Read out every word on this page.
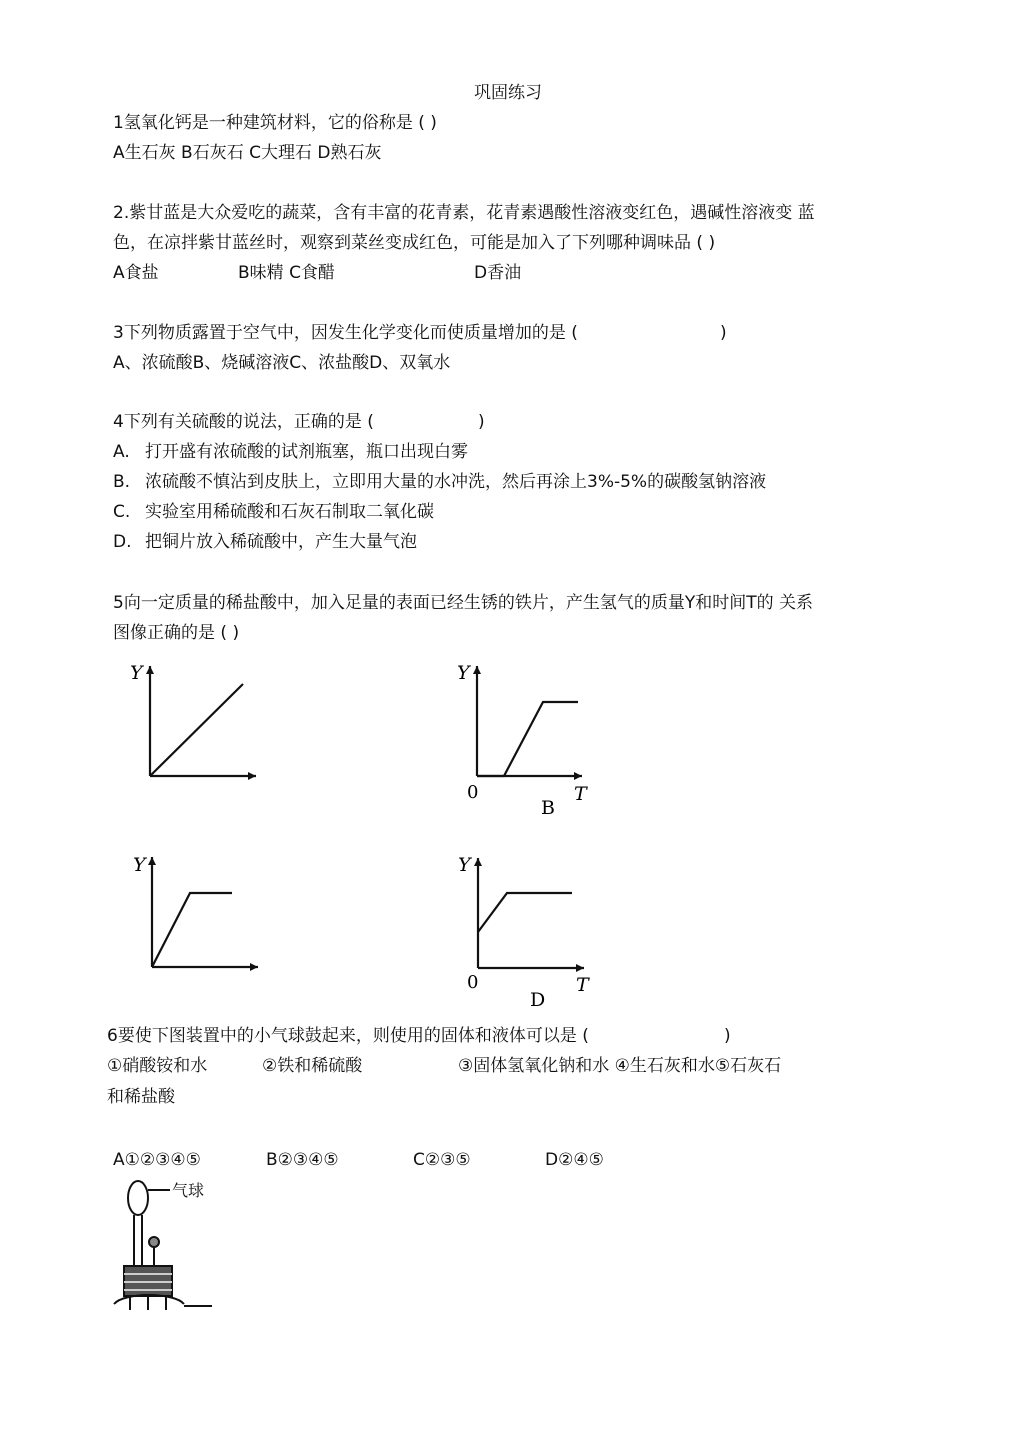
巩固练习
1氢氧化钙是一种建筑材料，它的俗称是 ( )
A生石灰 B石灰石 C大理石 D熟石灰
2.紫甘蓝是大众爱吃的蔬菜，含有丰富的花青素，花青素遇酸性溶液变红色，遇碱性溶液变 蓝
色，在凉拌紫甘蓝丝时，观察到菜丝变成红色，可能是加入了下列哪种调味品 ( )
A食盐	B味精 C食醋	D香油
3下列物质露置于空气中，因发生化学变化而使质量增加的是 (	)
A、浓硫酸B、烧碱溶液C、浓盐酸D、双氧水
4下列有关硫酸的说法，正确的是 (	)
A. 打开盛有浓硫酸的试剂瓶塞，瓶口出现白雾
B. 浓硫酸不慎沾到皮肤上，立即用大量的水冲洗，然后再涂上3%-5%的碳酸氢钠溶液
C. 实验室用稀硫酸和石灰石制取二氧化碳
D. 把铜片放入稀硫酸中，产生大量气泡
5向一定质量的稀盐酸中，加入足量的表面已经生锈的铁片，产生氢气的质量Y和时间T的 关系
图像正确的是 ( )
Y	Y
0	T
B
Y	Y
0	T
D
6要使下图装置中的小气球鼓起来，则使用的固体和液体可以是 (	)
①硝酸铵和水	②铁和稀硫酸	③固体氢氧化钠和水 ④生石灰和水⑤石灰石
和稀盐酸
A①②③④⑤	B②③④⑤	C②③⑤	D②④⑤
气球
